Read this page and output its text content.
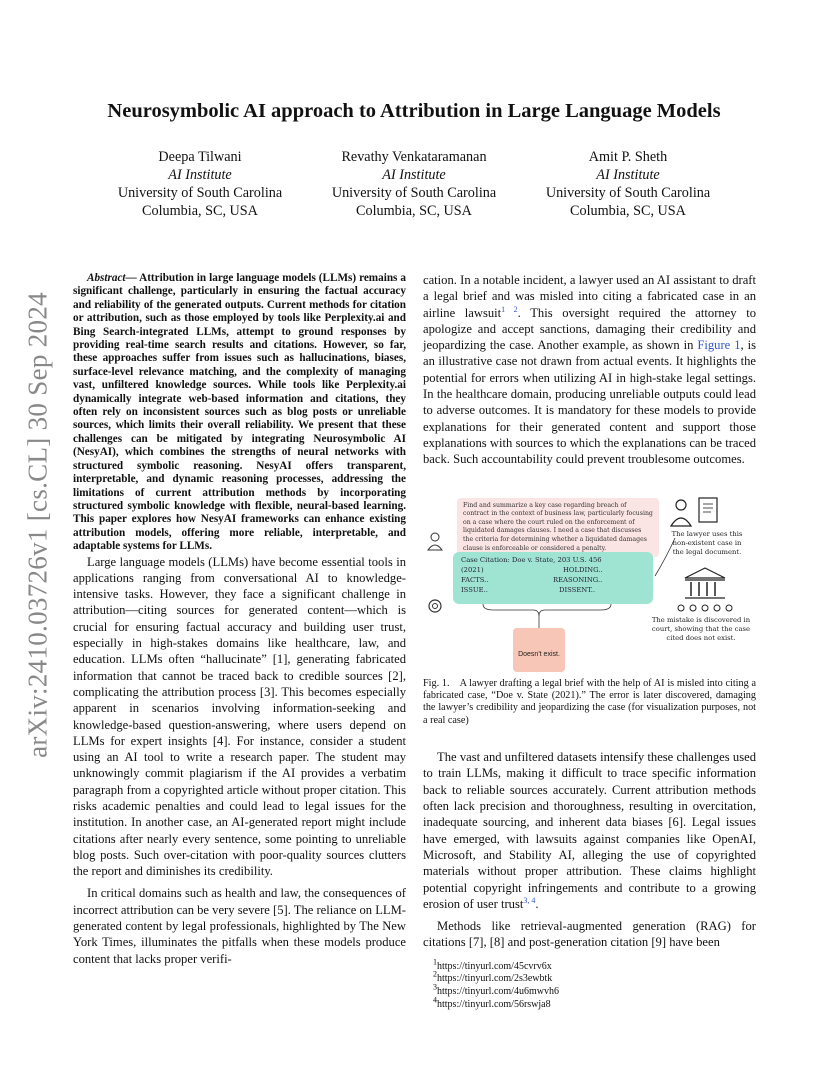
arXiv:2410.03726v1 [cs.CL] 30 Sep 2024
Neurosymbolic AI approach to Attribution in Large Language Models
Deepa Tilwani
AI Institute
University of South Carolina
Columbia, SC, USA
Revathy Venkataramanan
AI Institute
University of South Carolina
Columbia, SC, USA
Amit P. Sheth
AI Institute
University of South Carolina
Columbia, SC, USA

Abstract— Attribution in large language models (LLMs) remains a significant challenge, particularly in ensuring the factual accuracy and reliability of the generated outputs. Current methods for citation or attribution, such as those employed by tools like Perplexity.ai and Bing Search-integrated LLMs, attempt to ground responses by providing real-time search results and citations. However, so far, these approaches suffer from issues such as hallucinations, biases, surface-level relevance matching, and the complexity of managing vast, unfiltered knowledge sources. While tools like Perplexity.ai dynamically integrate web-based information and citations, they often rely on inconsistent sources such as blog posts or unreliable sources, which limits their overall reliability. We present that these challenges can be mitigated by integrating Neurosymbolic AI (NesyAI), which combines the strengths of neural networks with structured symbolic reasoning. NesyAI offers transparent, interpretable, and dynamic reasoning processes, addressing the limitations of current attribution methods by incorporating structured symbolic knowledge with flexible, neural-based learning. This paper explores how NesyAI frameworks can enhance existing attribution models, offering more reliable, interpretable, and adaptable systems for LLMs.

Large language models (LLMs) have become essential tools in applications ranging from conversational AI to knowledge-intensive tasks. However, they face a significant challenge in attribution—citing sources for generated content—which is crucial for ensuring factual accuracy and building user trust, especially in high-stakes domains like healthcare, law, and education. LLMs often “hallucinate” [1], generating fabricated information that cannot be traced back to credible sources [2], complicating the attribution process [3]. This becomes especially apparent in scenarios involving information-seeking and knowledge-based question-answering, where users depend on LLMs for expert insights [4]. For instance, consider a student using an AI tool to write a research paper. The student may unknowingly commit plagiarism if the AI provides a verbatim paragraph from a copyrighted article without proper citation. This risks academic penalties and could lead to legal issues for the institution. In another case, an AI-generated report might include citations after nearly every sentence, some pointing to unreliable blog posts. Such over-citation with poor-quality sources clutters the report and diminishes its credibility.

In critical domains such as health and law, the consequences of incorrect attribution can be very severe [5]. The reliance on LLM-generated content by legal professionals, highlighted by The New York Times, illuminates the pitfalls when these models produce content that lacks proper verifi-

cation. In a notable incident, a lawyer used an AI assistant to draft a legal brief and was misled into citing a fabricated case in an airline lawsuit$^{1 2}$. This oversight required the attorney to apologize and accept sanctions, damaging their credibility and jeopardizing the case. Another example, as shown in Figure 1, is an illustrative case not drawn from actual events. It highlights the potential for errors when utilizing AI in high-stake legal settings. In the healthcare domain, producing unreliable outputs could lead to adverse outcomes. It is mandatory for these models to provide explanations for their generated content and support those explanations with sources to which the explanations can be traced back. Such accountability could prevent troublesome outcomes.

Find and summarize a key case regarding breach of contract in the context of business law, particularly focusing on a case where the court ruled on the enforcement of liquidated damages clauses. I need a case that discusses the criteria for determining whether a liquidated damages clause is enforceable or considered a penalty.
Case Citation: Doe v. State, 203 U.S. 456
(2021)
FACTS..
ISSUE..
HOLDING..
REASONING..
DISSENT..
Doesn't exist.
The lawyer uses this non-existent case in the legal document.
The mistake is discovered in court, showing that the case cited does not exist.

Fig. 1. A lawyer drafting a legal brief with the help of AI is misled into citing a fabricated case, “Doe v. State (2021).” The error is later discovered, damaging the lawyer’s credibility and jeopardizing the case (for visualization purposes, not a real case)

The vast and unfiltered datasets intensify these challenges used to train LLMs, making it difficult to trace specific information back to reliable sources accurately. Current attribution methods often lack precision and thoroughness, resulting in overcitation, inadequate sourcing, and inherent data biases [6]. Legal issues have emerged, with lawsuits against companies like OpenAI, Microsoft, and Stability AI, alleging the use of copyrighted materials without proper attribution. These claims highlight potential copyright infringements and contribute to a growing erosion of user trust$^{3, 4}$.

Methods like retrieval-augmented generation (RAG) for citations [7], [8] and post-generation citation [9] have been

$^1$https://tinyurl.com/45cvrv6x
$^2$https://tinyurl.com/2s3ewbtk
$^3$https://tinyurl.com/4u6mwvh6
$^4$https://tinyurl.com/56rswja8
